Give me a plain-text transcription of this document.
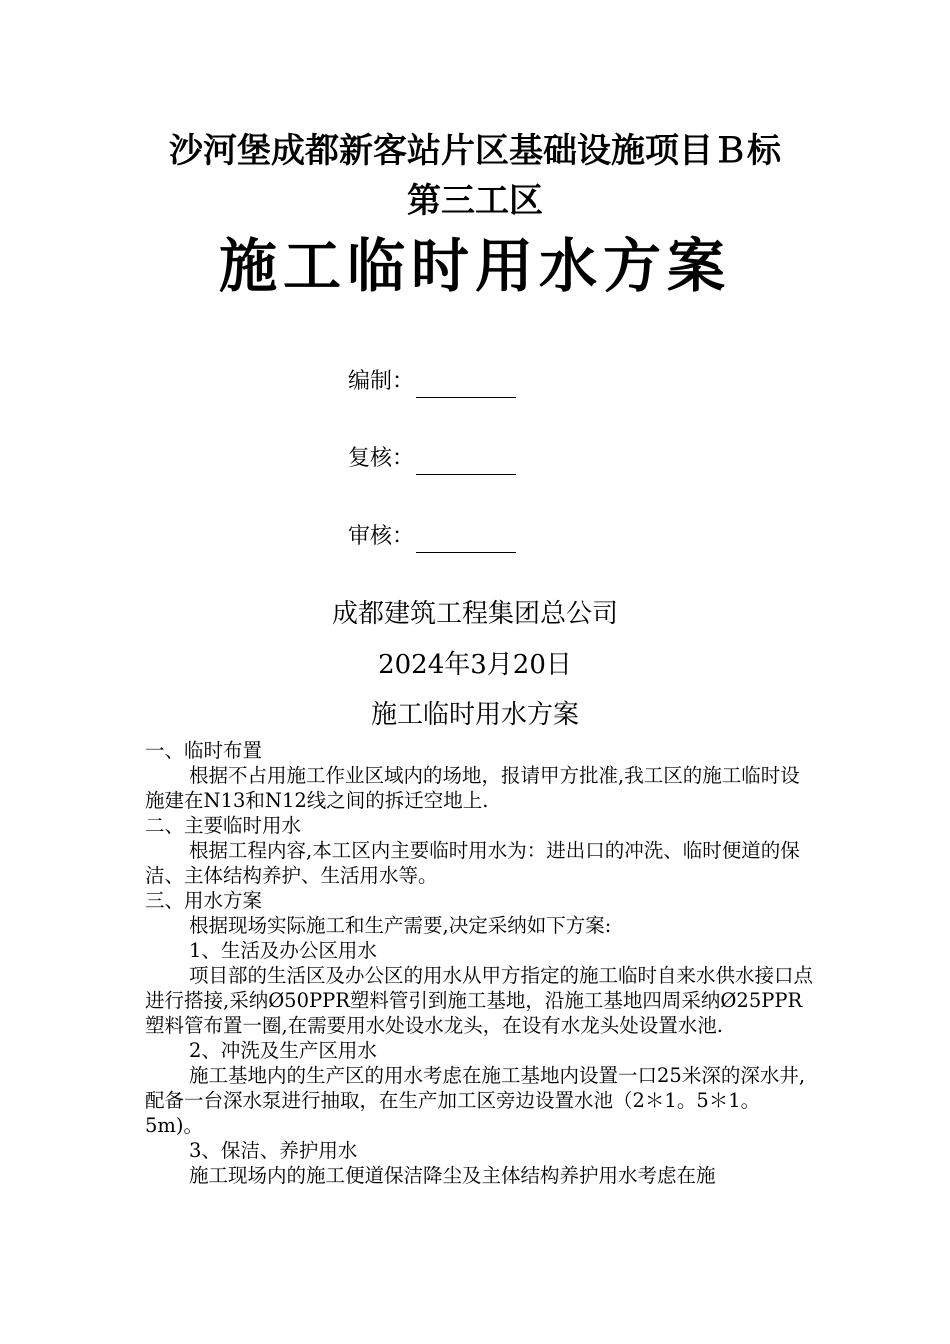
沙河堡成都新客站片区基础设施项目Ｂ标
第三工区
施工临时用水方案
编制：
复核：
审核：
成都建筑工程集团总公司
2024年3月20日
施工临时用水方案

一、临时布置

根据不占用施工作业区域内的场地，报请甲方批准,我工区的施工临时设施建在N13和N12线之间的拆迁空地上.

二、主要临时用水

根据工程内容,本工区内主要临时用水为：进出口的冲洗、临时便道的保洁、主体结构养护、生活用水等。

三、用水方案

根据现场实际施工和生产需要,决定采纳如下方案:

1、生活及办公区用水

项目部的生活区及办公区的用水从甲方指定的施工临时自来水供水接口点进行搭接,采纳Ø50PPR塑料管引到施工基地，沿施工基地四周采纳Ø25PPR塑料管布置一圈,在需要用水处设水龙头，在设有水龙头处设置水池.

2、冲洗及生产区用水

施工基地内的生产区的用水考虑在施工基地内设置一口25米深的深水井,配备一台深水泵进行抽取，在生产加工区旁边设置水池（2＊1。5＊1。5m)。

3、保洁、养护用水

施工现场内的施工便道保洁降尘及主体结构养护用水考虑在施
